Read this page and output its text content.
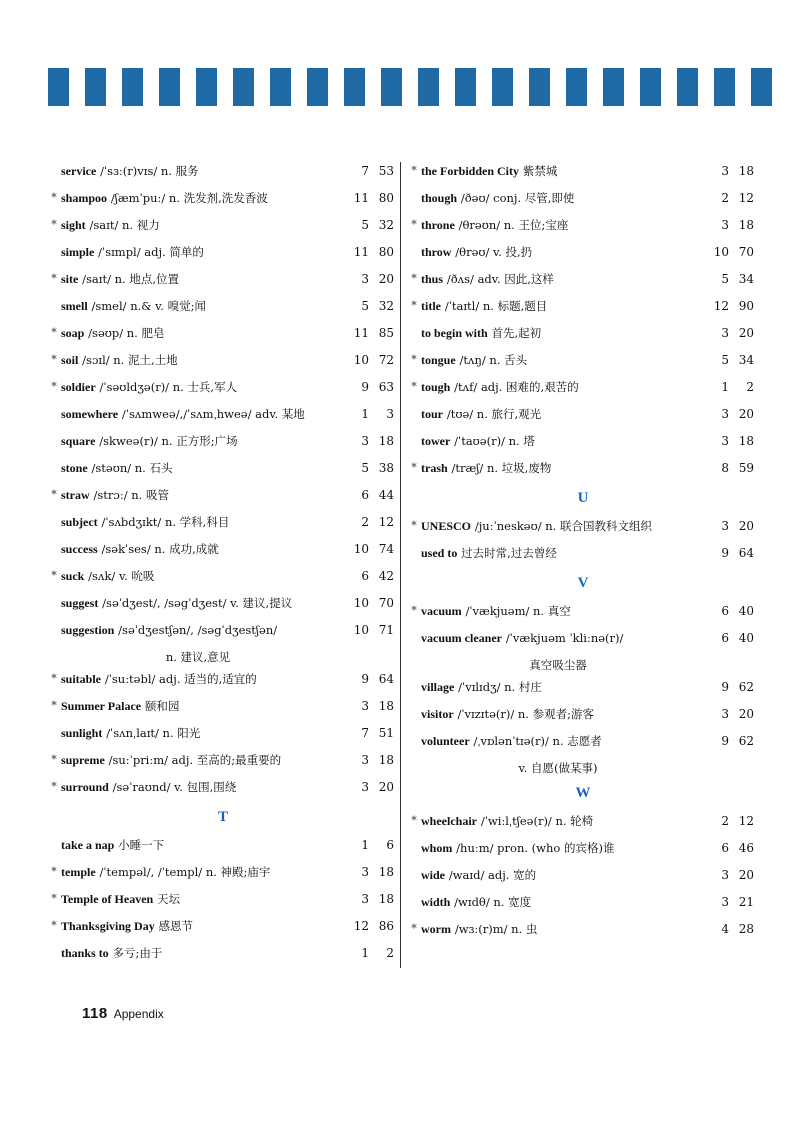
service /ˈsɜː(r)vɪs/ n. 服务	7 53
* shampoo /ʃæmˈpuː/ n. 洗发剂,洗发香波	11 80
* sight /saɪt/ n. 视力	5 32
simple /ˈsɪmpl/ adj. 简单的	11 80
* site /saɪt/ n. 地点,位置	3 20
smell /smel/ n.& v. 嗅觉;闻	5 32
* soap /səʊp/ n. 肥皂	11 85
* soil /sɔɪl/ n. 泥土,土地	10 72
* soldier /ˈsəʊldʒə(r)/ n. 士兵,军人	9 63
somewhere /ˈsʌmweə/,/ˈsʌmˌhweə/ adv. 某地	1	3
square /skweə(r)/ n. 正方形;广场	3 18
stone /stəʊn/ n. 石头	5 38
* straw /strɔː/ n. 吸管	6 44
subject /ˈsʌbdʒɪkt/ n. 学科,科目	2 12
success /səkˈses/ n. 成功,成就	10 74
* suck /sʌk/ v. 吮吸	6 42
suggest /səˈdʒest/, /səgˈdʒest/ v. 建议,提议	10 70
suggestion /səˈdʒestʃən/, /səgˈdʒestʃən/	10 71
n. 建议,意见
* suitable /ˈsuːtəbl/ adj. 适当的,适宜的	9 64
* Summer Palace 颐和园	3 18
sunlight /ˈsʌnˌlaɪt/ n. 阳光	7 51
* supreme /suːˈpriːm/ adj. 至高的;最重要的	3 18
* surround /səˈraʊnd/ v. 包围,围绕	3 20
T
take a nap 小睡一下	1	6
* temple /ˈtempəl/, /ˈtempl/ n. 神殿;庙宇	3 18
* Temple of Heaven 天坛	3 18
* Thanksgiving Day 感恩节	12 86
thanks to 多亏;由于	1	2
* the Forbidden City 紫禁城	3 18
though /ðəʊ/ conj. 尽管,即使	2 12
* throne /θrəʊn/ n. 王位;宝座	3 18
throw /θrəʊ/ v. 投,扔	10 70
* thus /ðʌs/ adv. 因此,这样	5 34
* title /ˈtaɪtl/ n. 标题,题目	12 90
to begin with 首先,起初	3 20
* tongue /tʌŋ/ n. 舌头	5 34
* tough /tʌf/ adj. 困难的,艰苦的	1	2
tour /tʊə/ n. 旅行,观光	3 20
tower /ˈtaʊə(r)/ n. 塔	3 18
* trash /træʃ/ n. 垃圾,废物	8 59
U
* UNESCO /juːˈneskəʊ/ n. 联合国教科文组织	3 20
used to 过去时常,过去曾经	9 64
V
* vacuum /ˈvækjuəm/ n. 真空	6 40
vacuum cleaner /ˈvækjuəm ˈkliːnə(r)/	6 40
真空吸尘器
village /ˈvɪlɪdʒ/ n. 村庄	9 62
visitor /ˈvɪzɪtə(r)/ n. 参观者;游客	3 20
volunteer /ˌvɒlənˈtɪə(r)/ n. 志愿者	9 62
v. 自愿(做某事)
W
* wheelchair /ˈwiːlˌtʃeə(r)/ n. 轮椅	2 12
whom /huːm/ pron. (who 的宾格)谁	6 46
wide /waɪd/ adj. 宽的	3 20
width /wɪdθ/ n. 宽度	3 21
* worm /wɜː(r)m/ n. 虫	4 28
118 Appendix
